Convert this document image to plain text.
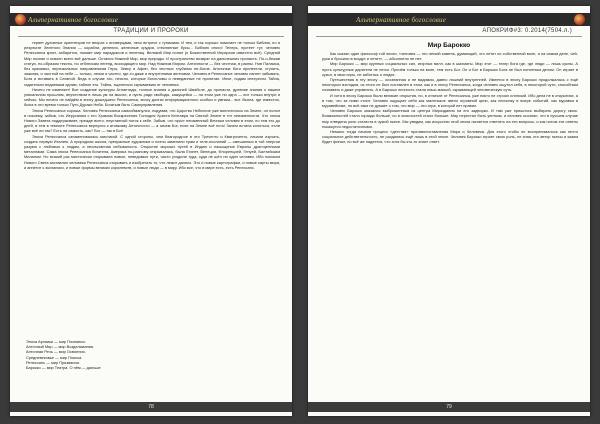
Альтернативное богословие
ТРАДИЦИИ И ПРОРОКИ

теряет духовных ориентиров не впорах с иноверцами, нехо встрече с тупиками. И тем, и так хорошо помогает не только Библия, но и результат Зеленого Знания — корабли, деления, железные орудия, стеклянные бусы... Библию иного! Теперь, пустеет тут, человек Ренессанса кряхт, хабарится, ломает мир парадоксов и нелепиц. Великий Мир понял (о Божественной Иерархии известно всё). Средний Мир познан и освоен всего всё дальше. Остался Нижний Мир, мир природы. И пространство возврат на дальнешних пропасть. По-о-бежав статуи, по-образом тексты, по отблескам легенд, восходящего мир. Над Нижним Миром. Античности — без честная, в раины. Нов Палаиса, без красивых, вертикальных направлениям Геры, Зевсу и Афин, без честных глубинок не-богов. Античные боги прилетели, ступить, зажигая, и частной на небе — только, лелки и частно, где-то даже и внутренними ангелами. Человек в Ренессансе человек нагнет забывать, Бога и вставать в Сатаной. Ведь в случае это, неясно, которые богословы и неведанные не пропитан. Иное, подам интересно Тайна, гадательно ведаемым одним, тайное это. Тайна, тщательно скрываемая от человека.

Ничего не изменяет! Все создание культуры Атлантиды, точные знания о дальней Швабсле, до пропасти, древние знания о нашем уникальном прошлом, внучеством в лишь ум на мысли, и пусть ради свободы, кажущейся — на этом уже ни одно — вот только внутри и сейчас. Мы ничего не найдём в эпоху дошедшего Ренессанса, эпоху долгих информационного особых и умным... вот. Вьюга, где известно, была в это время только Путь Дураки Неба. Богатым быть Самоуправления.

Эпоха Ренессанса хороша. Человек Ренессанса самообманулся, подумав, что Царство Небесное уже воплотилось на Земле, он полон в покоему, забыв, что Иерусалим с его Храмом Воскресения Господня Христа Кентавра на Святой Земле в тот неизменности. Что эпоха Нового Завета поддерживает, прежде всего, неустанный поток к себе. Забыв, что прост неизменный Вечным человек в этом, но тем его до дней, в тем в темноте Ренессанса вернулся к атомизму Античности — а зачем Бог, если на Земле всё есть! Зачем истина колоться, если уже всё ли так? Есть ли самость, как? Бог — так в Бог!

Эпоха Ренессанса ознаменовалась мистикой. С одной стороны, чем благородное в это Треченто и Кватроченто, начали изучать, создать первую Италию. А природная школа, прекрасные художники и поэты заменили храм и теле-посланий — смешанных в той энергии разума с любовью к людям, а неслыханная небывалость. Открытие морских путей в Индию и насыщение Европы драгоценными металлами. Сама эпоха Ренессанса богатела, Америка по-разному открывалась, была Египет, Венеции, Флоренцией, Генуей, Балтийским Миланом. Но всякий раз мистически открывала новые, неведомые пути, часто уходили туда, куда не шёл ни один человек. Ибо поиском Нового Света заставлял человека Ренессанса открывать и изобретать то, что лежит далеко. Это и новые картографии, и новые карты мира, и аппетит к экспансии, и новые формы великих королевств, и новые люди — в миру. Ибо все, что в мире есть, есть Ренессанс.

Эпоха Архаики — мир Познания.
Античный Мир — мир Возделывания.
Античная Речь — мир Освоения.
Средневековье — мир Поиска.
Ренессанс — мир Призвания.
Барокко — мир Театра. О нём — дальше
78
Альтернативное богословие
АПОКРИФ#3: 0.2014(7504.л.)
Мир Барокко

Как сказал один философ той эпохи, «человек — это легкий камень, думающий, что летит по собственной воле, а на самом деле, чей-руки и бросили в воздух и летит», — абсолютно не нет.

Мир Барокко — мир крупных социальных сил, игорных вилл, как в шахматы. Мир этот — театр бога где, где люди — лишь куклы. А пусть культурные дарители не легко. Причём только на воле, тем есть Бог. Он и Бог в Барокко Бога не был понятным делом. Он играет в кукол, в свои игры, не заботясь о людях.

Путешествия в эту эпоху — осознанная и не видимая, давно лишний внутренней. Имеется в эпоху Барокко продолжалась с ещё некоторых взглядов, из этого не был поставлен в этом, как и в эпоху Ренессанса, когда человек ощутил себя, в некоторой сути, способным сознавать и даже управлять. А в Барокко личность стала лишь маской, скрывающей человеческую суть.

И хотя в эпоху Барокко были великие открытия, но, в отличие от Ренессанса, уже никто не строил иллюзий. Ибо дела не в открытиях, а в том, что за ними стоит. Человек ощущает себя как маленькое звено огромной цепи, как песчинку в вихре событий, как муравья в муравейнике, но всё-таки не думает о том, что мир — это игра, в которой нет правил.

Человек Барокко оказался выброшенным из центра Мироздания на его задворки. И там уже пришлось выбирать дорогу свою. Возможностей стало гораздо больше, но и опасностей стало больше. Мир перестал быть уютным, и человек осознал, что в лучшем случае ему отведена роль статиста в чужой пьесе. Мы увидим, как искусство этой эпохи пытается ответить на эти вопросы, и как потом эти ответы покажутся недостаточными.

Немало тогда начали процесс «детства» противопоставления Мира и Человека. Для этого чтобы не воспринималось как нечто социальное действительность, не раздались ещё лишь в этой эпохе. Человек Барокко играет свою роль, не зная, кто автор пьесы и каким будет финал, но всё же надеется, что хотя бы кто-то знает ответ.

79
